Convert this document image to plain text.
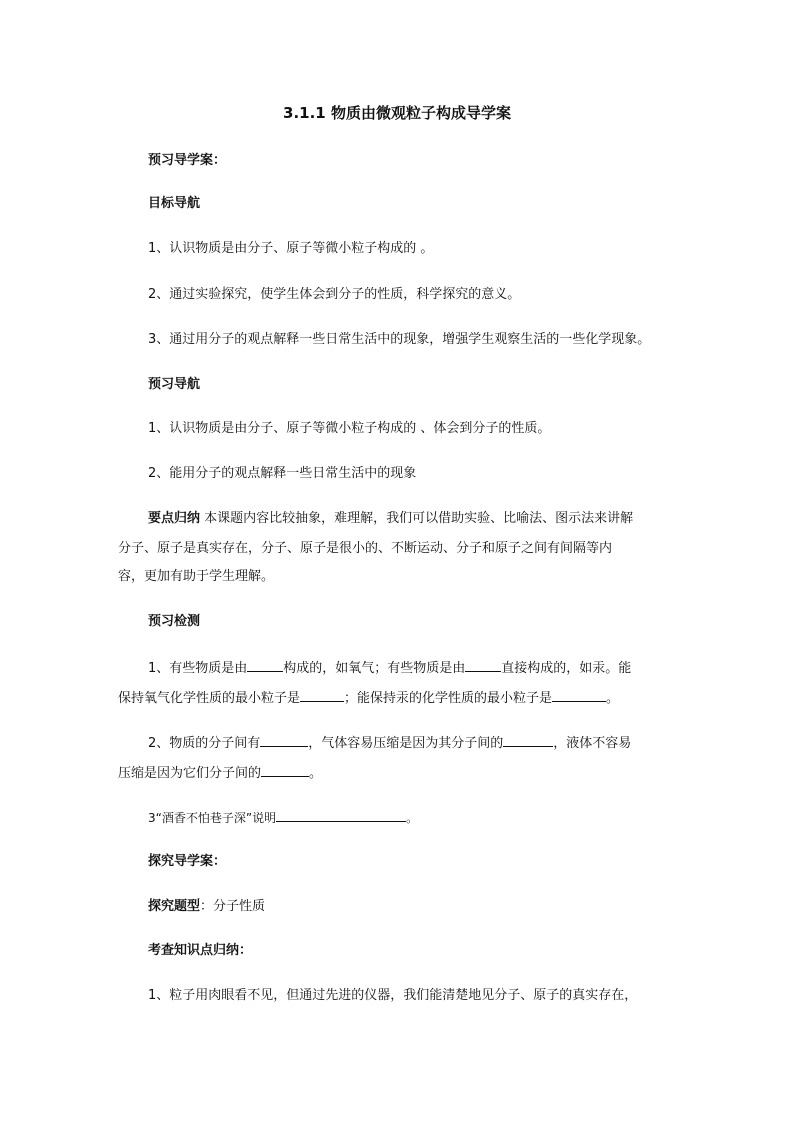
3.1.1 物质由微观粒子构成导学案
预习导学案：
目标导航
1、认识物质是由分子、原子等微小粒子构成的 。
2、通过实验探究，使学生体会到分子的性质，科学探究的意义。
3、通过用分子的观点解释一些日常生活中的现象，增强学生观察生活的一些化学现象。
预习导航
1、认识物质是由分子、原子等微小粒子构成的 、体会到分子的性质。
2、能用分子的观点解释一些日常生活中的现象
要点归纳 本课题内容比较抽象，难理解，我们可以借助实验、比喻法、图示法来讲解
分子、原子是真实存在，分子、原子是很小的、不断运动、分子和原子之间有间隔等内
容，更加有助于学生理解。
预习检测
1、有些物质是由	构成的，如氧气；有些物质是由	直接构成的，如汞。能
保持氧气化学性质的最小粒子是	；能保持汞的化学性质的最小粒子是	。
2、物质的分子间有	，气体容易压缩是因为其分子间的	，液体不容易
压缩是因为它们分子间的	。
3“酒香不怕巷子深”说明	。
探究导学案：
探究题型：分子性质
考查知识点归纳：
1、粒子用肉眼看不见，但通过先进的仪器，我们能清楚地见分子、原子的真实存在，
